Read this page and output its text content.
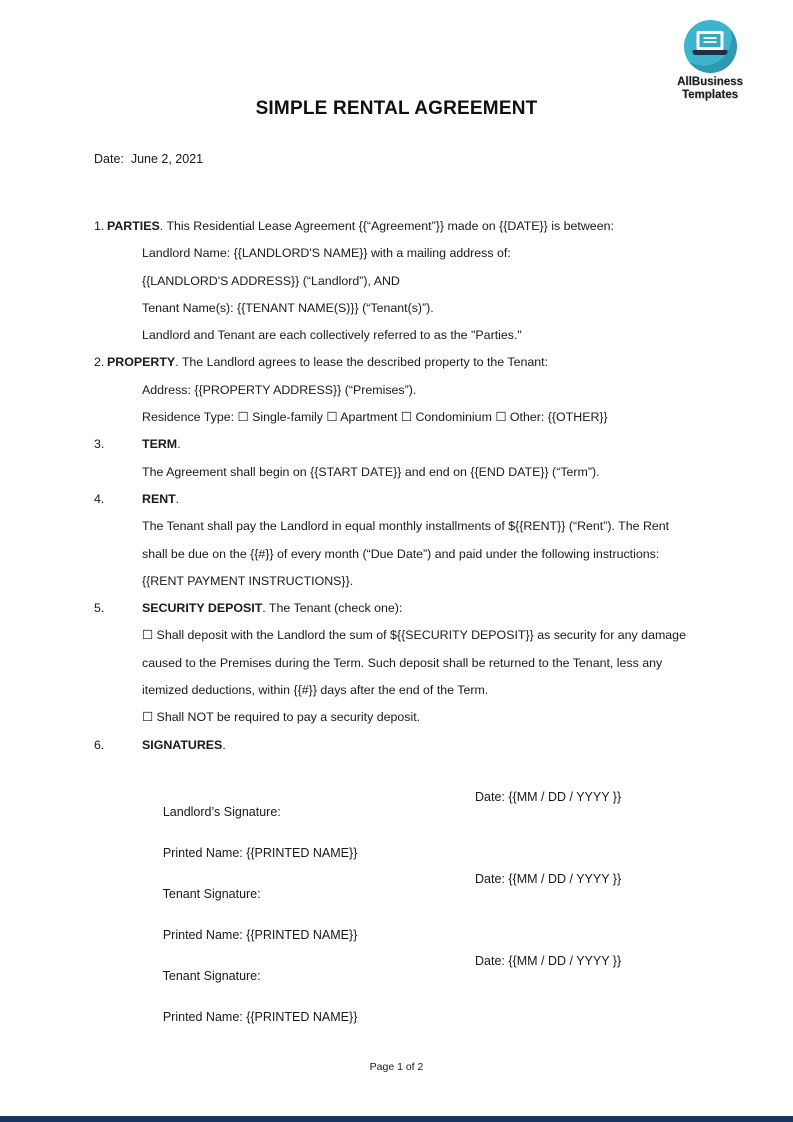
AllBusiness
Templates
SIMPLE RENTAL AGREEMENT
Date:  June 2, 2021
1. PARTIES. This Residential Lease Agreement {{“Agreement”}} made on {{DATE}} is between:
Landlord Name: {{LANDLORD'S NAME}} with a mailing address of:
{{LANDLORD'S ADDRESS}} (“Landlord”), AND
Tenant Name(s): {{TENANT NAME(S)}} (“Tenant(s)”).
Landlord and Tenant are each collectively referred to as the "Parties."
2. PROPERTY. The Landlord agrees to lease the described property to the Tenant:
Address: {{PROPERTY ADDRESS}} (“Premises”).
Residence Type: ☐ Single-family ☐ Apartment ☐ Condominium ☐ Other: {{OTHER}}
3.	TERM.
The Agreement shall begin on {{START DATE}} and end on {{END DATE}} (“Term”).
4.	RENT.
The Tenant shall pay the Landlord in equal monthly installments of ${{RENT}} (“Rent”). The Rent shall be due on the {{#}} of every month (“Due Date”) and paid under the following instructions: {{RENT PAYMENT INSTRUCTIONS}}.
5.	SECURITY DEPOSIT. The Tenant (check one):
☐ Shall deposit with the Landlord the sum of ${{SECURITY DEPOSIT}} as security for any damage caused to the Premises during the Term. Such deposit shall be returned to the Tenant, less any itemized deductions, within {{#}} days after the end of the Term.
☐ Shall NOT be required to pay a security deposit.
6.	SIGNATURES.

Landlord’s Signature:

Date: {{MM / DD / YYYY }}

Printed Name: {{PRINTED NAME}}

Tenant Signature:

Date: {{MM / DD / YYYY }}

Printed Name: {{PRINTED NAME}}

Tenant Signature:

Date: {{MM / DD / YYYY }}

Printed Name: {{PRINTED NAME}}

Page 1 of 2
